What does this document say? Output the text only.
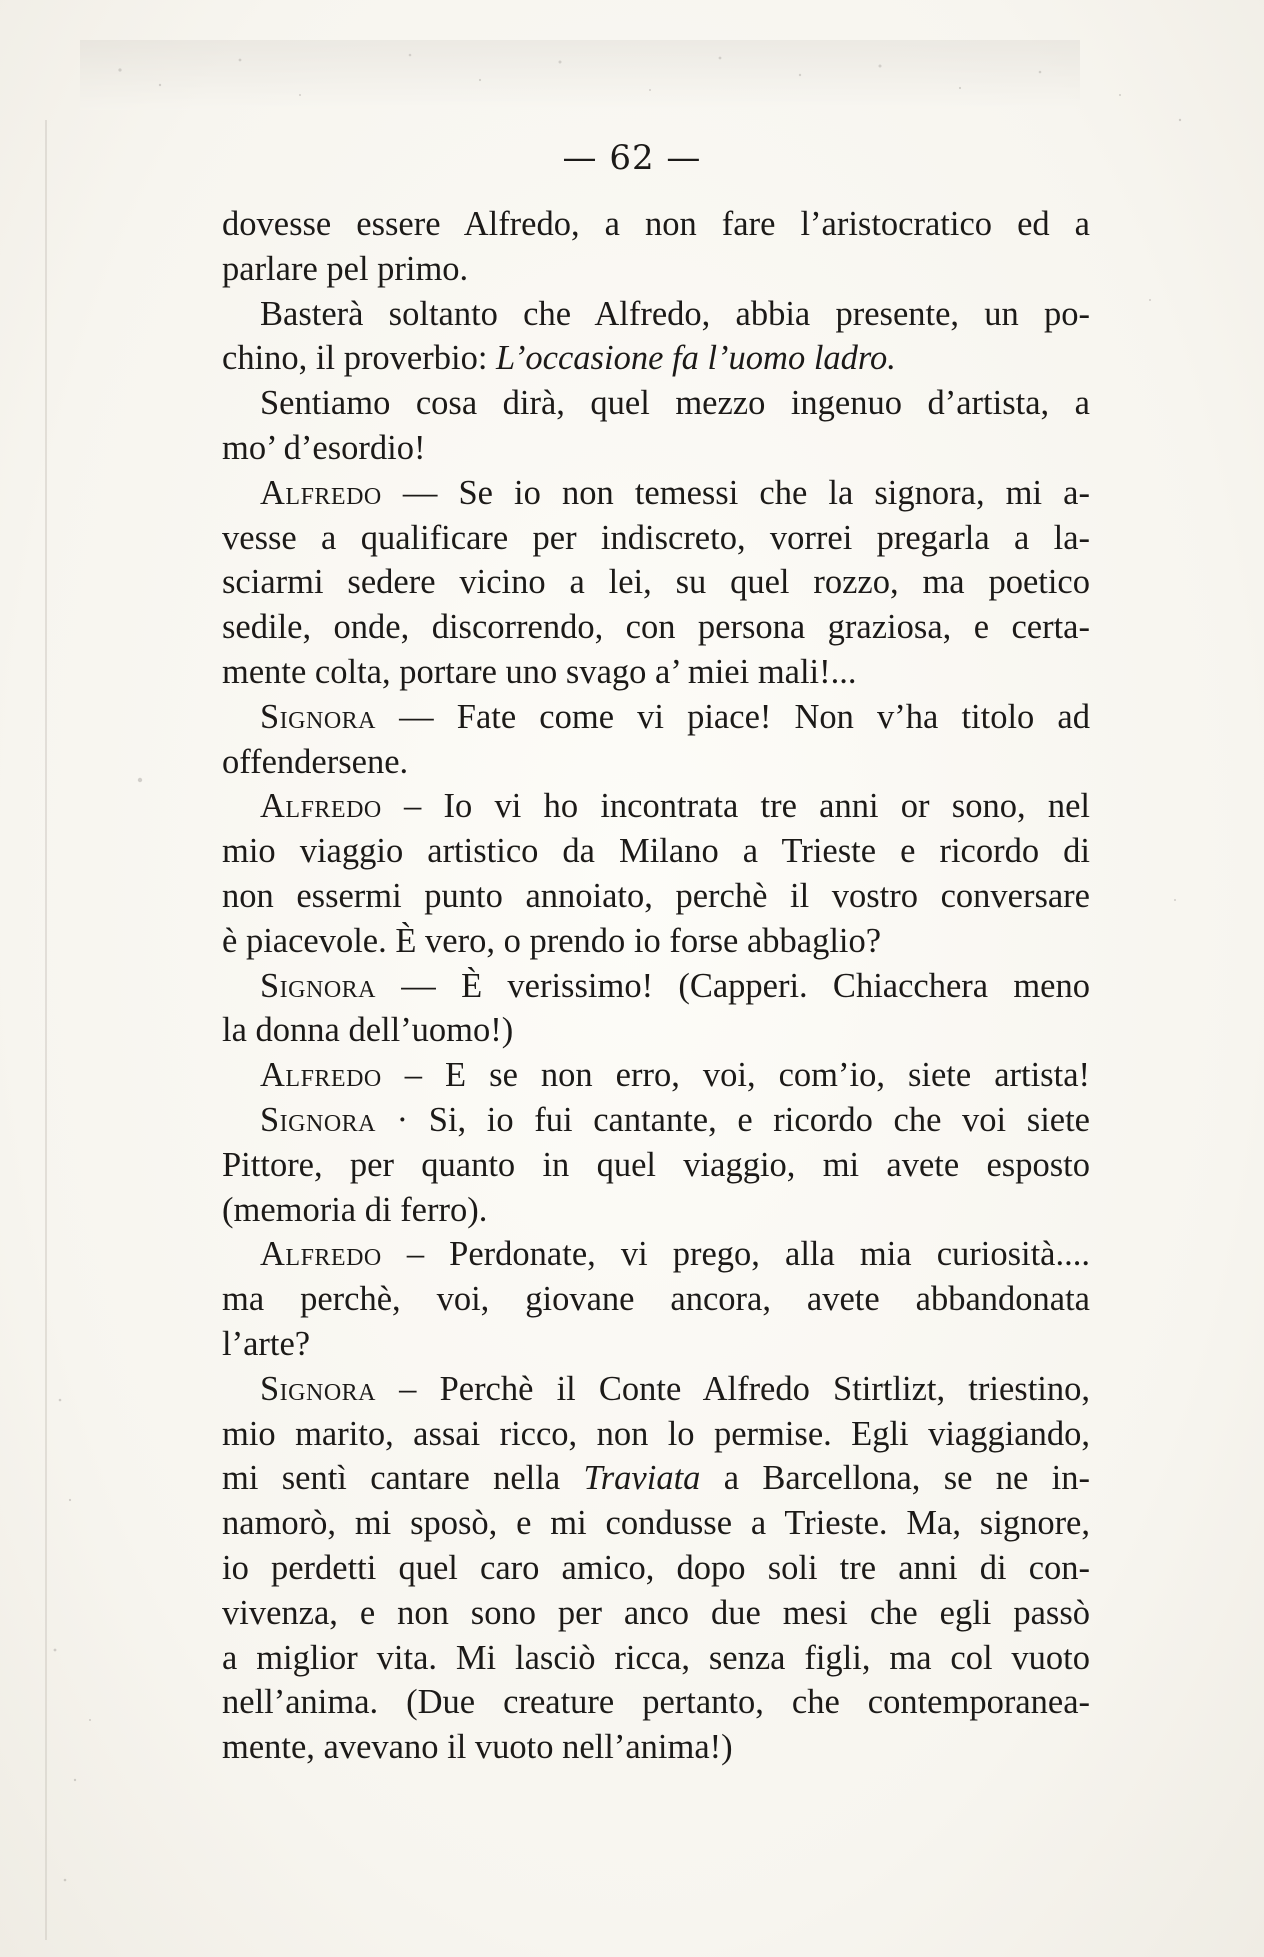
— 62 —
dovesse essere Alfredo, a non fare l’aristocratico ed a
parlare pel primo.
Basterà soltanto che Alfredo, abbia presente, un po-
chino, il proverbio: L’occasione fa l’uomo ladro.
Sentiamo cosa dirà, quel mezzo ingenuo d’artista, a
mo’ d’esordio!
Alfredo — Se io non temessi che la signora, mi a-
vesse a qualificare per indiscreto, vorrei pregarla a la-
sciarmi sedere vicino a lei, su quel rozzo, ma poetico
sedile, onde, discorrendo, con persona graziosa, e certa-
mente colta, portare uno svago a’ miei mali!...
Signora — Fate come vi piace! Non v’ha titolo ad
offendersene.
Alfredo – Io vi ho incontrata tre anni or sono, nel
mio viaggio artistico da Milano a Trieste e ricordo di
non essermi punto annoiato, perchè il vostro conversare
è piacevole. È vero, o prendo io forse abbaglio?
Signora — È verissimo! (Capperi. Chiacchera meno
la donna dell’uomo!)
Alfredo – E se non erro, voi, com’io, siete artista!
Signora · Si, io fui cantante, e ricordo che voi siete
Pittore, per quanto in quel viaggio, mi avete esposto
(memoria di ferro).
Alfredo – Perdonate, vi prego, alla mia curiosità....
ma perchè, voi, giovane ancora, avete abbandonata
l’arte?
Signora – Perchè il Conte Alfredo Stirtlizt, triestino,
mio marito, assai ricco, non lo permise. Egli viaggiando,
mi sentì cantare nella Traviata a Barcellona, se ne in-
namorò, mi sposò, e mi condusse a Trieste. Ma, signore,
io perdetti quel caro amico, dopo soli tre anni di con-
vivenza, e non sono per anco due mesi che egli passò
a miglior vita. Mi lasciò ricca, senza figli, ma col vuoto
nell’anima. (Due creature pertanto, che contemporanea-
mente, avevano il vuoto nell’anima!)
